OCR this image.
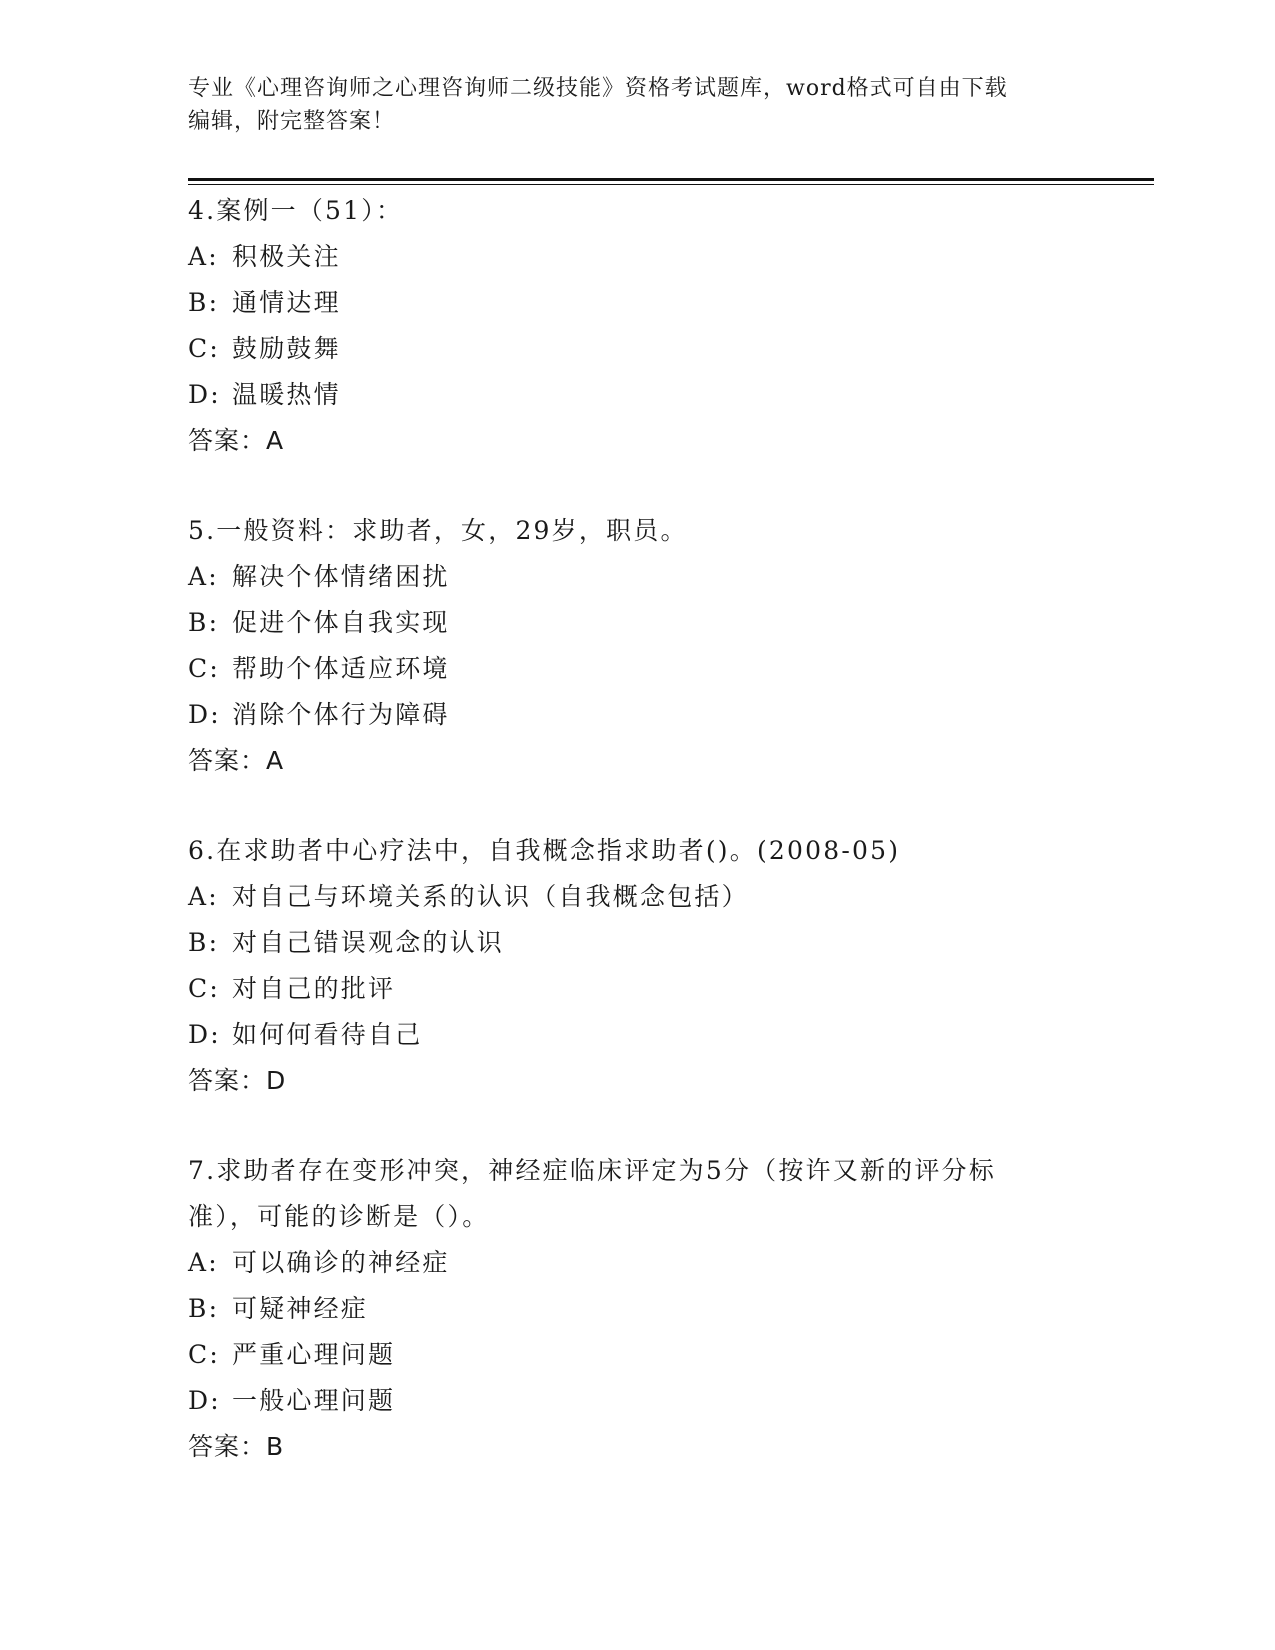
专业《心理咨询师之心理咨询师二级技能》资格考试题库，word格式可自由下载
编辑，附完整答案！
4.案例一（51）：
A: 积极关注
B: 通情达理
C: 鼓励鼓舞
D: 温暖热情
答案：A
5.一般资料：求助者，女，29岁，职员。
A: 解决个体情绪困扰
B: 促进个体自我实现
C: 帮助个体适应环境
D: 消除个体行为障碍
答案：A
6.在求助者中心疗法中，自我概念指求助者()。(2008-05)
A: 对自己与环境关系的认识（自我概念包括）
B: 对自己错误观念的认识
C: 对自己的批评
D: 如何何看待自己
答案：D
7.求助者存在变形冲突，神经症临床评定为5分（按许又新的评分标
准），可能的诊断是（）。
A: 可以确诊的神经症
B: 可疑神经症
C: 严重心理问题
D: 一般心理问题
答案：B
